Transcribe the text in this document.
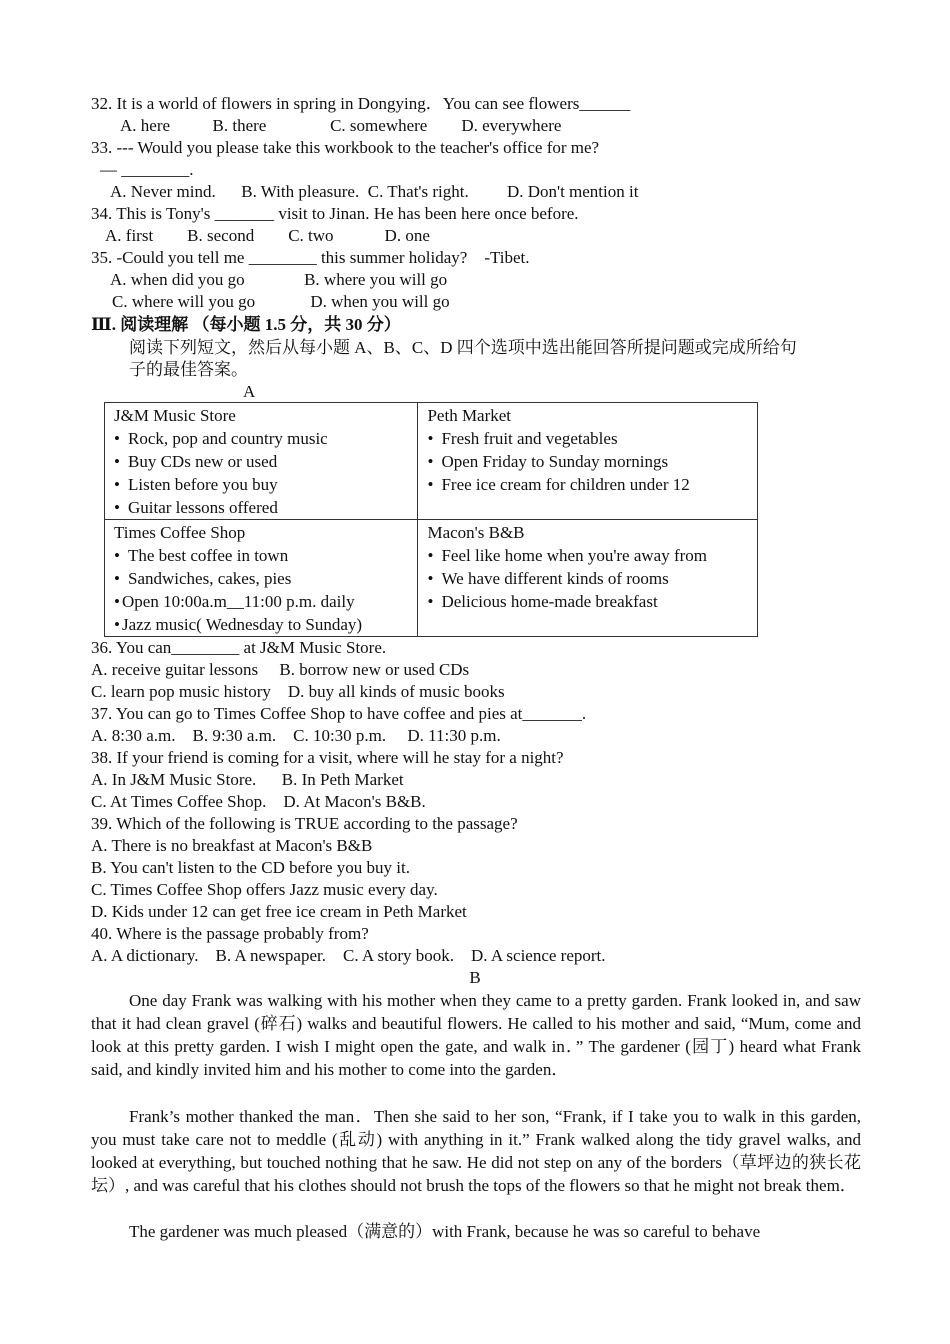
32. It is a world of flowers in spring in Dongying．You can see flowers______
A. here          B. there               C. somewhere        D. everywhere
33. --- Would you please take this workbook to the teacher's office for me?
— ________.
A. Never mind.      B. With pleasure.  C. That's right.         D. Don't mention it
34. This is Tony's _______ visit to Jinan. He has been here once before.
A. first        B. second        C. two            D. one
35. -Could you tell me ________ this summer holiday?    -Tibet.
A. when did you go              B. where you will go
C. where will you go             D. when you will go
Ⅲ. 阅读理解 （每小题 1.5 分，共 30 分）
阅读下列短文，然后从每小题 A、B、C、D 四个选项中选出能回答所提问题或完成所给句
子的最佳答案。
A
J&M Music Store
• Rock, pop and country music
• Buy CDs new or used
• Listen before you buy
• Guitar lessons offered	Peth Market
• Fresh fruit and vegetables
• Open Friday to Sunday mornings
• Free ice cream for children under 12

Times Coffee Shop
• The best coffee in town
• Sandwiches, cakes, pies
• Open 10:00a.m__11:00 p.m. daily
• Jazz music( Wednesday to Sunday)	Macon's B&B
• Feel like home when you're away from
• We have different kinds of rooms
• Delicious home-made breakfast

36. You can________ at J&M Music Store.
A. receive guitar lessons     B. borrow new or used CDs
C. learn pop music history    D. buy all kinds of music books
37. You can go to Times Coffee Shop to have coffee and pies at_______.
A. 8:30 a.m.    B. 9:30 a.m.    C. 10:30 p.m.     D. 11:30 p.m.
38. If your friend is coming for a visit, where will he stay for a night?
A. In J&M Music Store.      B. In Peth Market
C. At Times Coffee Shop.    D. At Macon's B&B.
39. Which of the following is TRUE according to the passage?
A. There is no breakfast at Macon's B&B
B. You can't listen to the CD before you buy it.
C. Times Coffee Shop offers Jazz music every day.
D. Kids under 12 can get free ice cream in Peth Market
40. Where is the passage probably from?
A. A dictionary.    B. A newspaper.    C. A story book.    D. A science report.
B
One day Frank was walking with his mother when they came to a pretty garden. Frank looked in, and saw that it had clean gravel (碎石) walks and beautiful flowers. He called to his mother and said, “Mum, come and look at this pretty garden. I wish I might open the gate, and walk in．” The gardener (园丁) heard what Frank said, and kindly invited him and his mother to come into the garden．
Frank’s mother thanked the man．Then she said to her son, “Frank, if I take you to walk in this garden, you must take care not to meddle (乱动) with anything in it.” Frank walked along the tidy gravel walks, and looked at everything, but touched nothing that he saw. He did not step on any of the borders（草坪边的狭长花坛）, and was careful that his clothes should not brush the tops of the flowers so that he might not break them．
The gardener was much pleased（满意的）with Frank, because he was so careful to behave
